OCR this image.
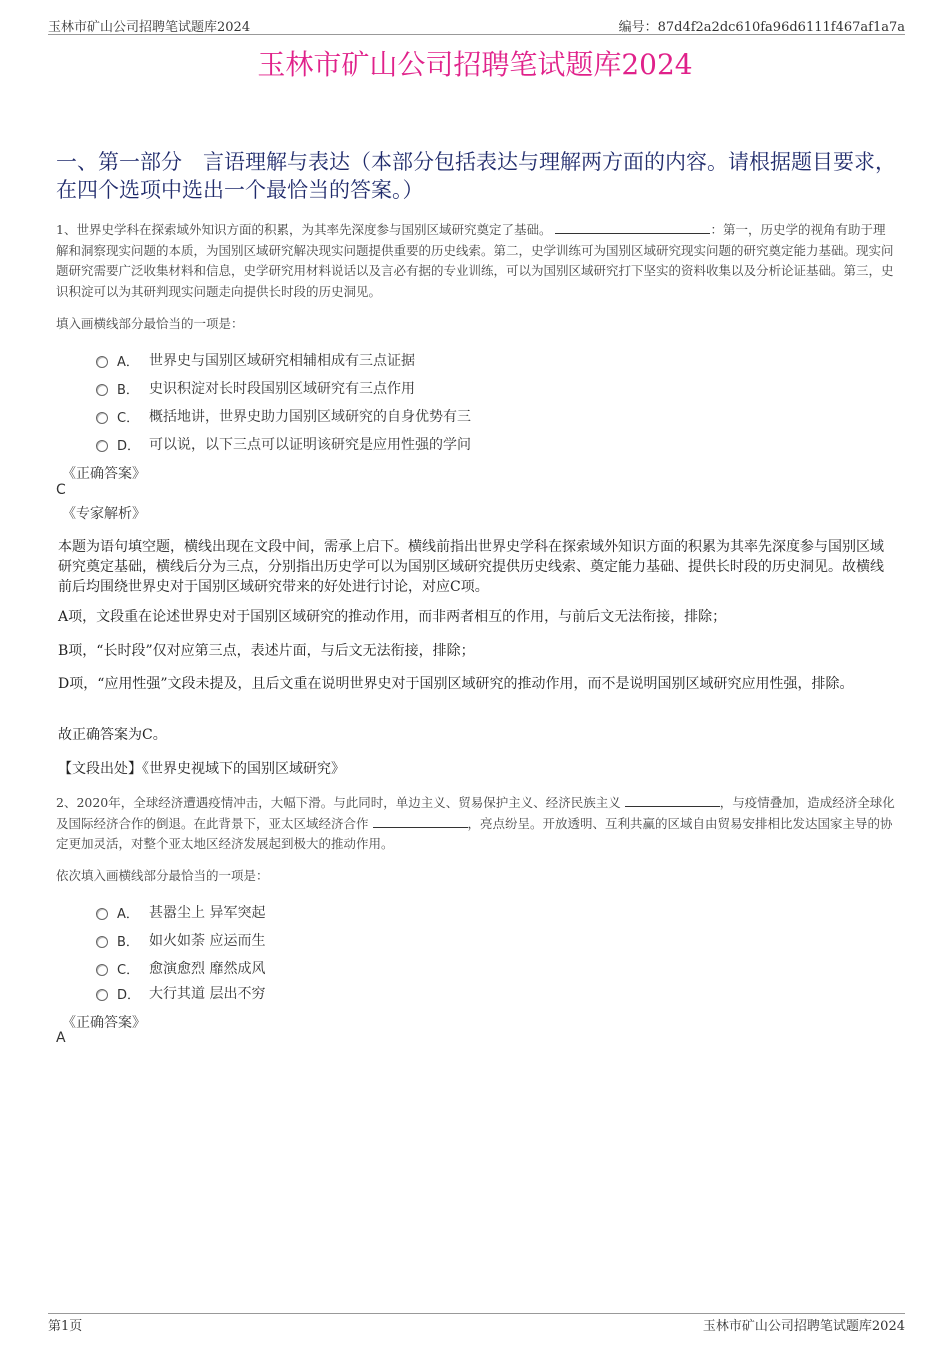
玉林市矿山公司招聘笔试题库2024	编号：87d4f2a2dc610fa96d6111f467af1a7a
玉林市矿山公司招聘笔试题库2024
一、第一部分　言语理解与表达（本部分包括表达与理解两方面的内容。请根据题目要求，在四个选项中选出一个最恰当的答案。）
1、世界史学科在探索域外知识方面的积累，为其率先深度参与国别区域研究奠定了基础。	：第一，历史学的视角有助于理解和洞察现实问题的本质，为国别区域研究解决现实问题提供重要的历史线索。第二，史学训练可为国别区域研究现实问题的研究奠定能力基础。现实问题研究需要广泛收集材料和信息，史学研究用材料说话以及言必有据的专业训练，可以为国别区域研究打下坚实的资料收集以及分析论证基础。第三，史识积淀可以为其研判现实问题走向提供长时段的历史洞见。
填入画横线部分最恰当的一项是：
A． 世界史与国别区域研究相辅相成有三点证据
B． 史识积淀对长时段国别区域研究有三点作用
C． 概括地讲，世界史助力国别区域研究的自身优势有三
D． 可以说，以下三点可以证明该研究是应用性强的学问
《正确答案》
C
《专家解析》
本题为语句填空题，横线出现在文段中间，需承上启下。横线前指出世界史学科在探索域外知识方面的积累为其率先深度参与国别区域研究奠定基础，横线后分为三点，分别指出历史学可以为国别区域研究提供历史线索、奠定能力基础、提供长时段的历史洞见。故横线前后均围绕世界史对于国别区域研究带来的好处进行讨论，对应C项。
A项，文段重在论述世界史对于国别区域研究的推动作用，而非两者相互的作用，与前后文无法衔接，排除；
B项，“长时段”仅对应第三点，表述片面，与后文无法衔接，排除；
D项，“应用性强”文段未提及，且后文重在说明世界史对于国别区域研究的推动作用，而不是说明国别区域研究应用性强，排除。
故正确答案为C。
【文段出处】《世界史视域下的国别区域研究》
2、2020年，全球经济遭遇疫情冲击，大幅下滑。与此同时，单边主义、贸易保护主义、经济民族主义	，与疫情叠加，造成经济全球化及国际经济合作的倒退。在此背景下，亚太区域经济合作	，亮点纷呈。开放透明、互利共赢的区域自由贸易安排相比发达国家主导的协定更加灵活，对整个亚太地区经济发展起到极大的推动作用。
依次填入画横线部分最恰当的一项是：
A． 甚嚣尘上 异军突起
B． 如火如荼 应运而生
C． 愈演愈烈 靡然成风
D． 大行其道 层出不穷
《正确答案》
A
第1页	玉林市矿山公司招聘笔试题库2024
